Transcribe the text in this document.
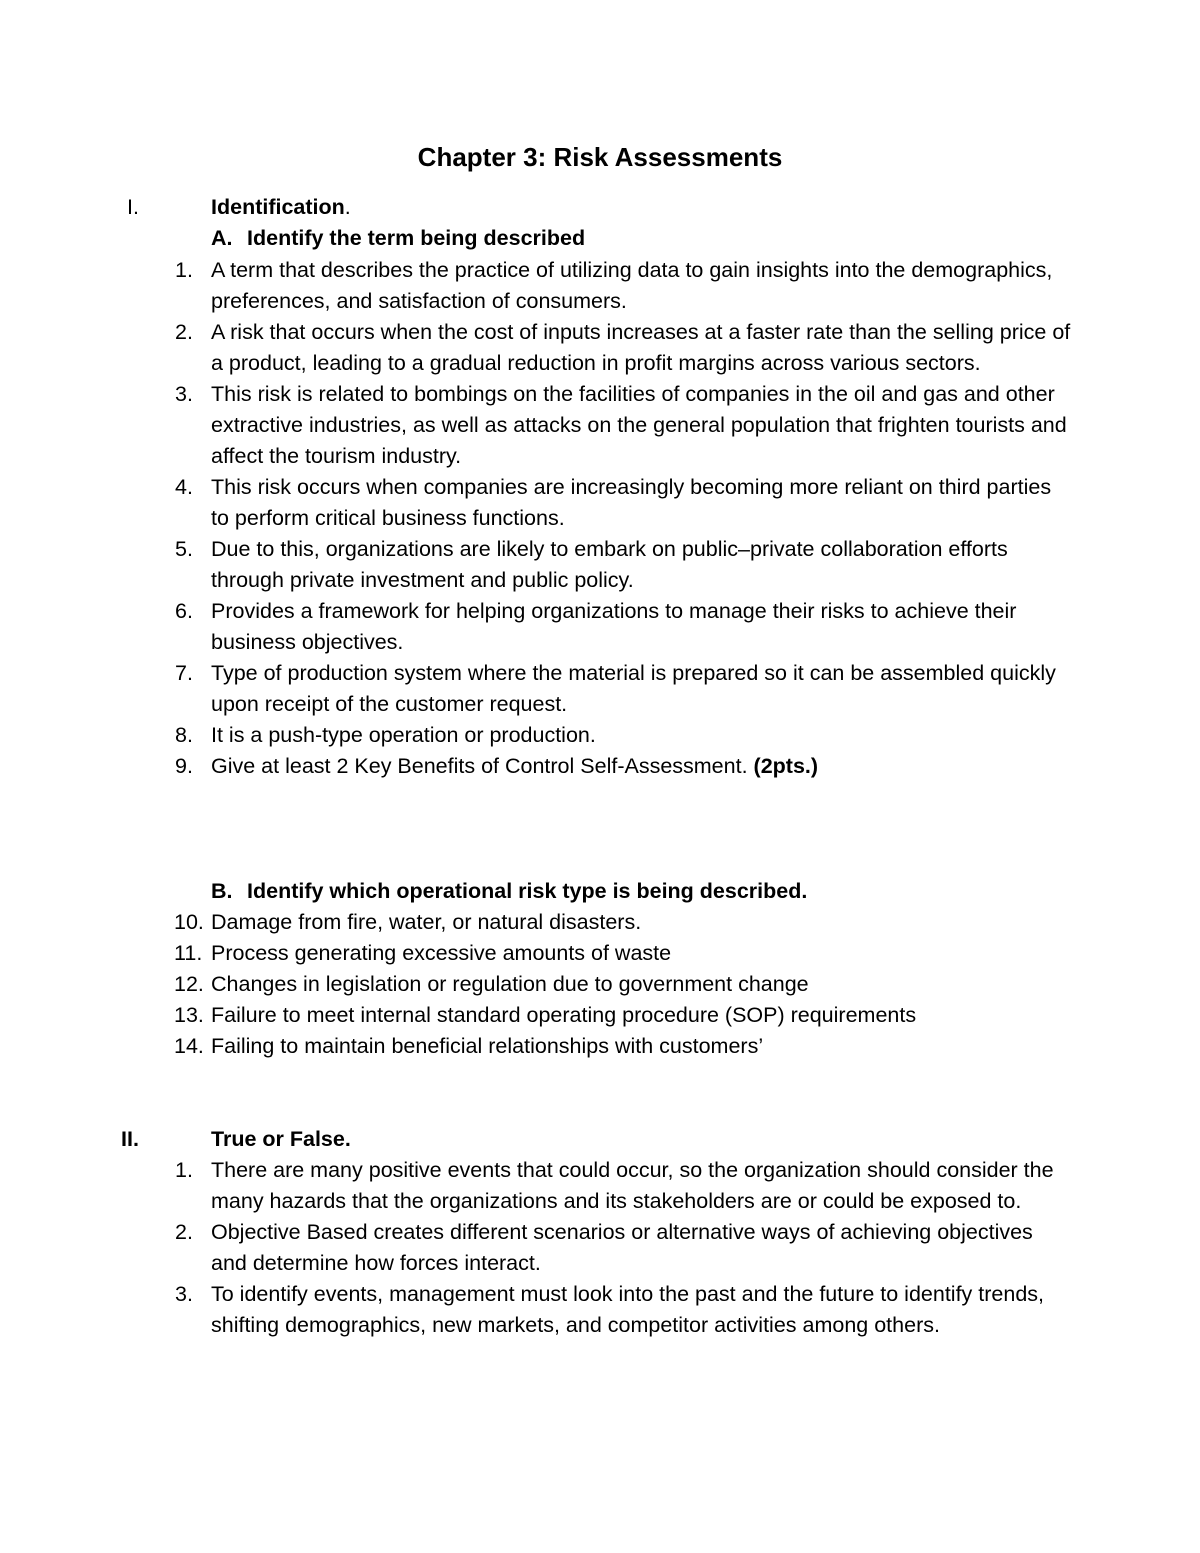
Chapter 3: Risk Assessments
I.	Identification.
A. Identify the term being described
1. A term that describes the practice of utilizing data to gain insights into the demographics, preferences, and satisfaction of consumers.
2. A risk that occurs when the cost of inputs increases at a faster rate than the selling price of a product, leading to a gradual reduction in profit margins across various sectors.
3. This risk is related to bombings on the facilities of companies in the oil and gas and other extractive industries, as well as attacks on the general population that frighten tourists and affect the tourism industry.
4. This risk occurs when companies are increasingly becoming more reliant on third parties to perform critical business functions.
5. Due to this, organizations are likely to embark on public–private collaboration efforts through private investment and public policy.
6. Provides a framework for helping organizations to manage their risks to achieve their business objectives.
7. Type of production system where the material is prepared so it can be assembled quickly upon receipt of the customer request.
8. It is a push-type operation or production.
9. Give at least 2 Key Benefits of Control Self-Assessment. (2pts.)
B. Identify which operational risk type is being described.
10. Damage from fire, water, or natural disasters.
11. Process generating excessive amounts of waste
12. Changes in legislation or regulation due to government change
13. Failure to meet internal standard operating procedure (SOP) requirements
14. Failing to maintain beneficial relationships with customers’
II.	True or False.
1. There are many positive events that could occur, so the organization should consider the many hazards that the organizations and its stakeholders are or could be exposed to.
2. Objective Based creates different scenarios or alternative ways of achieving objectives and determine how forces interact.
3. To identify events, management must look into the past and the future to identify trends, shifting demographics, new markets, and competitor activities among others.
